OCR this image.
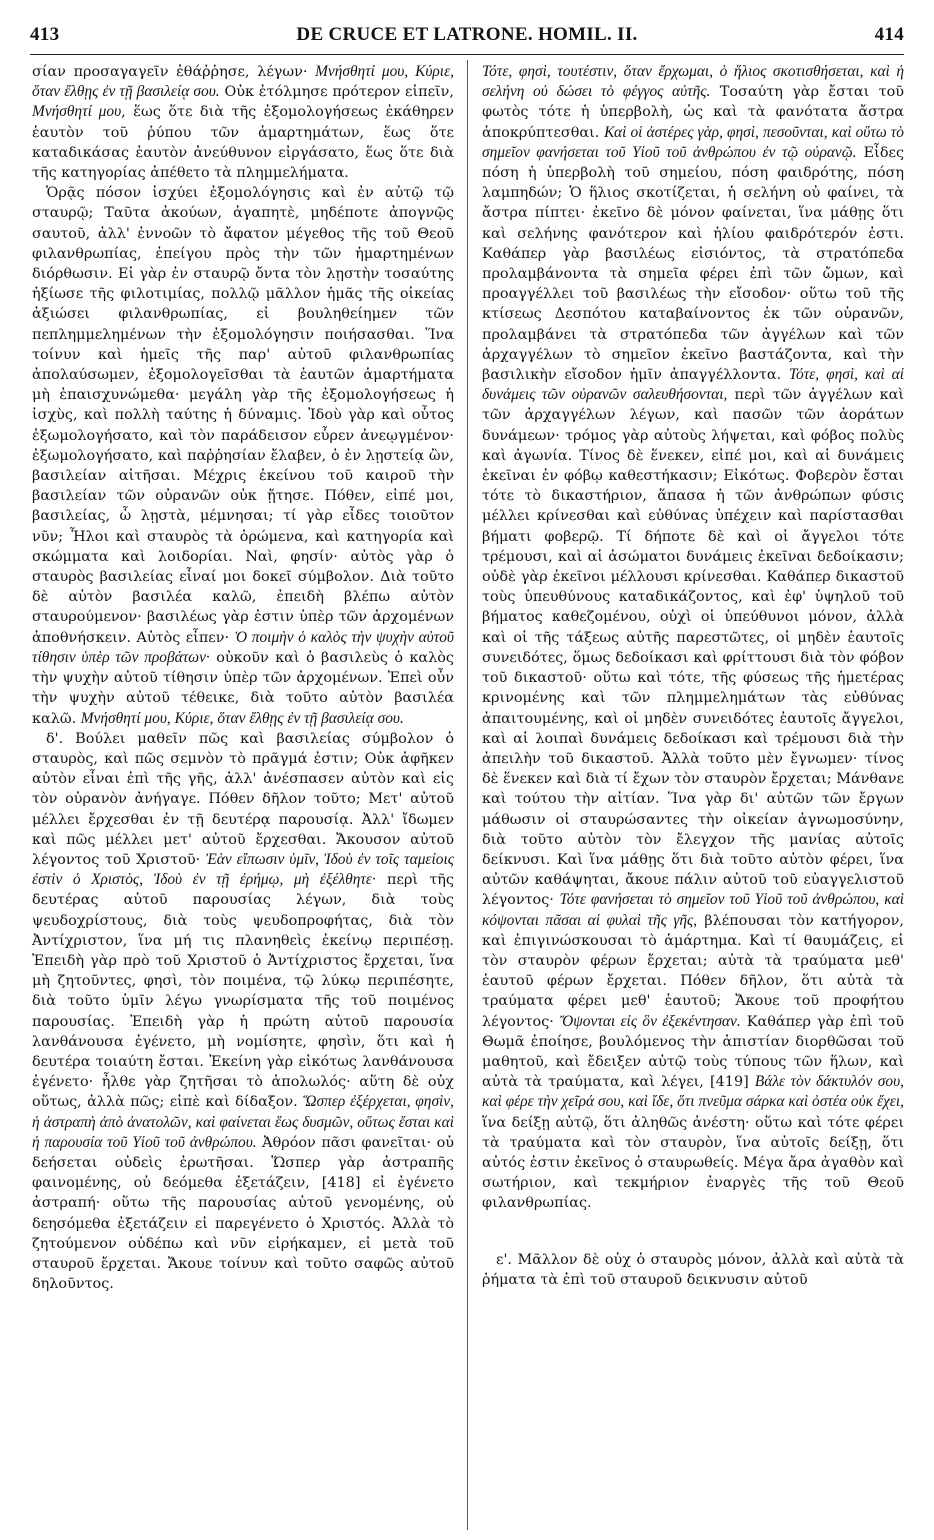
413	DE CRUCE ET LATRONE. HOMIL. II.	414

σίαν προσαγαγεῖν ἐθάῤῥησε, λέγων· Μνήσθητί μου, Κύριε, ὅταν ἔλθῃς ἐν τῇ βασιλείᾳ σου. Οὐκ ἐτόλμησε πρότερον εἰπεῖν, Μνήσθητί μου, ἕως ὅτε διὰ τῆς ἐξομολογήσεως ἐκάθηρεν ἑαυτὸν τοῦ ῥύπου τῶν ἁμαρτημάτων, ἕως ὅτε καταδικάσας ἑαυτὸν ἀνεύθυνον εἰργάσατο, ἕως ὅτε διὰ τῆς κατηγορίας ἀπέθετο τὰ πλημμελήματα.

Ὁρᾷς πόσον ἰσχύει ἐξομολόγησις καὶ ἐν αὐτῷ τῷ σταυρῷ; Ταῦτα ἀκούων, ἀγαπητὲ, μηδέποτε ἀπογνῷς σαυτοῦ, ἀλλ' ἐννοῶν τὸ ἄφατον μέγεθος τῆς τοῦ Θεοῦ φιλανθρωπίας, ἐπείγου πρὸς τὴν τῶν ἡμαρτημένων διόρθωσιν. Εἰ γὰρ ἐν σταυρῷ ὄντα τὸν λῃστὴν τοσαύτης ἠξίωσε τῆς φιλοτιμίας, πολλῷ μᾶλλον ἡμᾶς τῆς οἰκείας ἀξιώσει φιλανθρωπίας, εἰ βουληθείημεν τῶν πεπλημμελημένων τὴν ἐξομολόγησιν ποιήσασθαι. Ἵνα τοίνυν καὶ ἡμεῖς τῆς παρ' αὐτοῦ φιλανθρωπίας ἀπολαύσωμεν, ἐξομολογεῖσθαι τὰ ἑαυτῶν ἁμαρτήματα μὴ ἐπαισχυνώμεθα· μεγάλη γὰρ τῆς ἐξομολογήσεως ἡ ἰσχὺς, καὶ πολλὴ ταύτης ἡ δύναμις. Ἰδοὺ γὰρ καὶ οὗτος ἐξωμολογήσατο, καὶ τὸν παράδεισον εὗρεν ἀνεῳγμένον· ἐξωμολογήσατο, καὶ παῤῥησίαν ἔλαβεν, ὁ ἐν λῃστείᾳ ὢν, βασιλείαν αἰτῆσαι. Μέχρις ἐκείνου τοῦ καιροῦ τὴν βασιλείαν τῶν οὐρανῶν οὐκ ᾔτησε. Πόθεν, εἰπέ μοι, βασιλείας, ὦ λῃστὰ, μέμνησαι; τί γὰρ εἶδες τοιοῦτον νῦν; Ἧλοι καὶ σταυρὸς τὰ ὁρώμενα, καὶ κατηγορία καὶ σκώμματα καὶ λοιδορίαι. Ναὶ, φησίν· αὐτὸς γὰρ ὁ σταυρὸς βασιλείας εἶναί μοι δοκεῖ σύμβολον. Διὰ τοῦτο δὲ αὐτὸν βασιλέα καλῶ, ἐπειδὴ βλέπω αὐτὸν σταυρούμενον· βασιλέως γὰρ ἐστιν ὑπὲρ τῶν ἀρχομένων ἀποθνήσκειν. Αὐτὸς εἶπεν· Ὁ ποιμὴν ὁ καλὸς τὴν ψυχὴν αὐτοῦ τίθησιν ὑπὲρ τῶν προβάτων· οὐκοῦν καὶ ὁ βασιλεὺς ὁ καλὸς τὴν ψυχὴν αὐτοῦ τίθησιν ὑπὲρ τῶν ἀρχομένων. Ἐπεὶ οὖν τὴν ψυχὴν αὐτοῦ τέθεικε, διὰ τοῦτο αὐτὸν βασιλέα καλῶ. Μνήσθητί μου, Κύριε, ὅταν ἔλθῃς ἐν τῇ βασιλείᾳ σου.

δ'. Βούλει μαθεῖν πῶς καὶ βασιλείας σύμβολον ὁ σταυρὸς, καὶ πῶς σεμνὸν τὸ πρᾶγμά ἐστιν; Οὐκ ἀφῆκεν αὐτὸν εἶναι ἐπὶ τῆς γῆς, ἀλλ' ἀνέσπασεν αὐτὸν καὶ εἰς τὸν οὐρανὸν ἀνήγαγε. Πόθεν δῆλον τοῦτο; Μετ' αὐτοῦ μέλλει ἔρχεσθαι ἐν τῇ δευτέρᾳ παρουσίᾳ. Ἀλλ' ἴδωμεν καὶ πῶς μέλλει μετ' αὐτοῦ ἔρχεσθαι. Ἄκουσον αὐτοῦ λέγοντος τοῦ Χριστοῦ· Ἐὰν εἴπωσιν ὑμῖν, Ἰδοὺ ἐν τοῖς ταμείοις ἐστὶν ὁ Χριστὸς, Ἰδοὺ ἐν τῇ ἐρήμῳ, μὴ ἐξέλθητε· περὶ τῆς δευτέρας αὐτοῦ παρουσίας λέγων, διὰ τοὺς ψευδοχρίστους, διὰ τοὺς ψευδοπροφήτας, διὰ τὸν Ἀντίχριστον, ἵνα μή τις πλανηθεὶς ἐκείνῳ περιπέσῃ. Ἐπειδὴ γὰρ πρὸ τοῦ Χριστοῦ ὁ Ἀντίχριστος ἔρχεται, ἵνα μὴ ζητοῦντες, φησὶ, τὸν ποιμένα, τῷ λύκῳ περιπέσητε, διὰ τοῦτο ὑμῖν λέγω γνωρίσματα τῆς τοῦ ποιμένος παρουσίας. Ἐπειδὴ γὰρ ἡ πρώτη αὐτοῦ παρουσία λανθάνουσα ἐγένετο, μὴ νομίσητε, φησὶν, ὅτι καὶ ἡ δευτέρα τοιαύτη ἔσται. Ἐκείνη γὰρ εἰκότως λανθάνουσα ἐγένετο· ἦλθε γὰρ ζητῆσαι τὸ ἀπολωλός· αὕτη δὲ οὐχ οὕτως, ἀλλὰ πῶς; εἰπὲ καὶ δίδαξον. Ὥσπερ ἐξέρχεται, φησὶν, ἡ ἀστραπὴ ἀπὸ ἀνατολῶν, καὶ φαίνεται ἕως δυσμῶν, οὕτως ἔσται καὶ ἡ παρουσία τοῦ Υἱοῦ τοῦ ἀνθρώπου. Ἀθρόον πᾶσι φανεῖται· οὐ δεήσεται οὐδεὶς ἐρωτῆσαι. Ὥσπερ γὰρ ἀστραπῆς φαινομένης, οὐ δεόμεθα ἐξετάζειν, [418] εἰ ἐγένετο ἀστραπή· οὕτω τῆς παρουσίας αὐτοῦ γενομένης, οὐ δεησόμεθα ἐξετάζειν εἰ παρεγένετο ὁ Χριστός. Ἀλλὰ τὸ ζητούμενον οὐδέπω καὶ νῦν εἰρήκαμεν, εἰ μετὰ τοῦ σταυροῦ ἔρχεται. Ἄκουε τοίνυν καὶ τοῦτο σαφῶς αὐτοῦ δηλοῦντος.

Τότε, φησὶ, τουτέστιν, ὅταν ἔρχωμαι, ὁ ἥλιος σκοτισθήσεται, καὶ ἡ σελήνη οὐ δώσει τὸ φέγγος αὐτῆς. Τοσαύτη γὰρ ἔσται τοῦ φωτὸς τότε ἡ ὑπερβολὴ, ὡς καὶ τὰ φανότατα ἄστρα ἀποκρύπτεσθαι. Καὶ οἱ ἀστέρες γὰρ, φησὶ, πεσοῦνται, καὶ οὕτω τὸ σημεῖον φανήσεται τοῦ Υἱοῦ τοῦ ἀνθρώπου ἐν τῷ οὐρανῷ. Εἶδες πόση ἡ ὑπερβολὴ τοῦ σημείου, πόση φαιδρότης, πόση λαμπηδών; Ὁ ἥλιος σκοτίζεται, ἡ σελήνη οὐ φαίνει, τὰ ἄστρα πίπτει· ἐκεῖνο δὲ μόνον φαίνεται, ἵνα μάθῃς ὅτι καὶ σελήνης φανότερον καὶ ἡλίου φαιδρότερόν ἐστι. Καθάπερ γὰρ βασιλέως εἰσιόντος, τὰ στρατόπεδα προλαμβάνοντα τὰ σημεῖα φέρει ἐπὶ τῶν ὤμων, καὶ προαγγέλλει τοῦ βασιλέως τὴν εἴσοδον· οὕτω τοῦ τῆς κτίσεως Δεσπότου καταβαίνοντος ἐκ τῶν οὐρανῶν, προλαμβάνει τὰ στρατόπεδα τῶν ἀγγέλων καὶ τῶν ἀρχαγγέλων τὸ σημεῖον ἐκεῖνο βαστάζοντα, καὶ τὴν βασιλικὴν εἴσοδον ἡμῖν ἀπαγγέλλοντα. Τότε, φησὶ, καὶ αἱ δυνάμεις τῶν οὐρανῶν σαλευθήσονται, περὶ τῶν ἀγγέλων καὶ τῶν ἀρχαγγέλων λέγων, καὶ πασῶν τῶν ἀοράτων δυνάμεων· τρόμος γὰρ αὐτοὺς λήψεται, καὶ φόβος πολὺς καὶ ἀγωνία. Τίνος δὲ ἕνεκεν, εἰπέ μοι, καὶ αἱ δυνάμεις ἐκεῖναι ἐν φόβῳ καθεστήκασιν; Εἰκότως. Φοβερὸν ἔσται τότε τὸ δικαστήριον, ἅπασα ἡ τῶν ἀνθρώπων φύσις μέλλει κρίνεσθαι καὶ εὐθύνας ὑπέχειν καὶ παρίστασθαι βήματι φοβερῷ. Τί δήποτε δὲ καὶ οἱ ἄγγελοι τότε τρέμουσι, καὶ αἱ ἀσώματοι δυνάμεις ἐκεῖναι δεδοίκασιν; οὐδὲ γὰρ ἐκεῖνοι μέλλουσι κρίνεσθαι. Καθάπερ δικαστοῦ τοὺς ὑπευθύνους καταδικάζοντος, καὶ ἐφ' ὑψηλοῦ τοῦ βήματος καθεζομένου, οὐχὶ οἱ ὑπεύθυνοι μόνον, ἀλλὰ καὶ οἱ τῆς τάξεως αὐτῆς παρεστῶτες, οἱ μηδὲν ἑαυτοῖς συνειδότες, ὅμως δεδοίκασι καὶ φρίττουσι διὰ τὸν φόβον τοῦ δικαστοῦ· οὕτω καὶ τότε, τῆς φύσεως τῆς ἡμετέρας κρινομένης καὶ τῶν πλημμελημάτων τὰς εὐθύνας ἀπαιτουμένης, καὶ οἱ μηδὲν συνειδότες ἑαυτοῖς ἄγγελοι, καὶ αἱ λοιπαὶ δυνάμεις δεδοίκασι καὶ τρέμουσι διὰ τὴν ἀπειλὴν τοῦ δικαστοῦ. Ἀλλὰ τοῦτο μὲν ἔγνωμεν· τίνος δὲ ἕνεκεν καὶ διὰ τί ἔχων τὸν σταυρὸν ἔρχεται; Μάνθανε καὶ τούτου τὴν αἰτίαν. Ἵνα γὰρ δι' αὐτῶν τῶν ἔργων μάθωσιν οἱ σταυρώσαντες τὴν οἰκείαν ἀγνωμοσύνην, διὰ τοῦτο αὐτὸν τὸν ἔλεγχον τῆς μανίας αὐτοῖς δείκνυσι. Καὶ ἵνα μάθῃς ὅτι διὰ τοῦτο αὐτὸν φέρει, ἵνα αὐτῶν καθάψηται, ἄκουε πάλιν αὐτοῦ τοῦ εὐαγγελιστοῦ λέγοντος· Τότε φανήσεται τὸ σημεῖον τοῦ Υἱοῦ τοῦ ἀνθρώπου, καὶ κόψονται πᾶσαι αἱ φυλαὶ τῆς γῆς, βλέπουσαι τὸν κατήγορον, καὶ ἐπιγινώσκουσαι τὸ ἁμάρτημα. Καὶ τί θαυμάζεις, εἰ τὸν σταυρὸν φέρων ἔρχεται; αὐτὰ τὰ τραύματα μεθ' ἑαυτοῦ φέρων ἔρχεται. Πόθεν δῆλον, ὅτι αὐτὰ τὰ τραύματα φέρει μεθ' ἑαυτοῦ; Ἄκουε τοῦ προφήτου λέγοντος· Ὄψονται εἰς ὃν ἐξεκέντησαν. Καθάπερ γὰρ ἐπὶ τοῦ Θωμᾶ ἐποίησε, βουλόμενος τὴν ἀπιστίαν διορθῶσαι τοῦ μαθητοῦ, καὶ ἔδειξεν αὐτῷ τοὺς τύπους τῶν ἥλων, καὶ αὐτὰ τὰ τραύματα, καὶ λέγει, [419] Βάλε τὸν δάκτυλόν σου, καὶ φέρε τὴν χεῖρά σου, καὶ ἴδε, ὅτι πνεῦμα σάρκα καὶ ὀστέα οὐκ ἔχει, ἵνα δείξῃ αὐτῷ, ὅτι ἀληθῶς ἀνέστη· οὕτω καὶ τότε φέρει τὰ τραύματα καὶ τὸν σταυρὸν, ἵνα αὐτοῖς δείξῃ, ὅτι αὐτός ἐστιν ἐκεῖνος ὁ σταυρωθείς. Μέγα ἄρα ἀγαθὸν καὶ σωτήριον, καὶ τεκμήριον ἐναργὲς τῆς τοῦ Θεοῦ φιλανθρωπίας.

ε'. Μᾶλλον δὲ οὐχ ὁ σταυρὸς μόνον, ἀλλὰ καὶ αὐτὰ τὰ ῥήματα τὰ ἐπὶ τοῦ σταυροῦ δεικνυσιν αὐτοῦ
